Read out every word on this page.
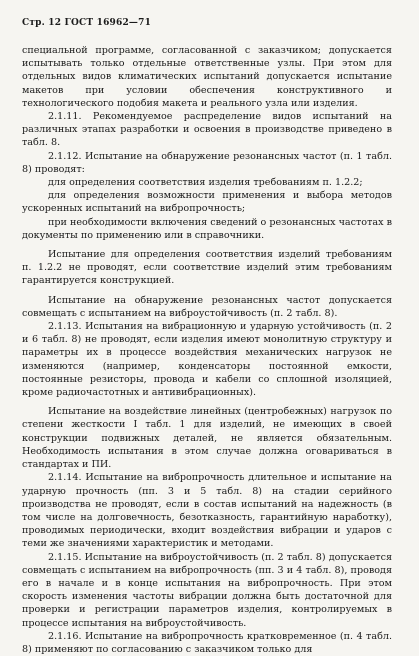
Стр. 12 ГОСТ 16962—71

специальной программе, согласованной с заказчиком; допускается испытывать только отдельные ответственные узлы. При этом для отдельных видов климатических испытаний допускается испытание макетов при условии обеспечения конструктивного и технологического подобия макета и реального узла или изделия.

2.1.11. Рекомендуемое распределение видов испытаний на различных этапах разработки и освоения в производстве приведено в табл. 8.

2.1.12. Испытание на обнаружение резонансных частот (п. 1 табл. 8) проводят:

для определения соответствия изделия требованиям п. 1.2.2;

для определения возможности применения и выбора методов ускоренных испытаний на вибропрочность;

при необходимости включения сведений о резонансных частотах в документы по применению или в справочники.

Испытание для определения соответствия изделий требованиям п. 1.2.2 не проводят, если соответствие изделий этим требованиям гарантируется конструкцией.

Испытание на обнаружение резонансных частот допускается совмещать с испытанием на виброустойчивость (п. 2 табл. 8).

2.1.13. Испытания на вибрационную и ударную устойчивость (п. 2 и 6 табл. 8) не проводят, если изделия имеют монолитную структуру и параметры их в процессе воздействия механических нагрузок не изменяются (например, конденсаторы постоянной емкости, постоянные резисторы, провода и кабели со сплошной изоляцией, кроме радиочастотных и антивибрационных).

Испытание на воздействие линейных (центробежных) нагрузок по степени жесткости I табл. 1 для изделий, не имеющих в своей конструкции подвижных деталей, не является обязательным. Необходимость испытания в этом случае должна оговариваться в стандартах и ПИ.

2.1.14. Испытание на вибропрочность длительное и испытание на ударную прочность (пп. 3 и 5 табл. 8) на стадии серийного производства не проводят, если в состав испытаний на надежность (в том числе на долговечность, безотказность, гарантийную наработку), проводимых периодически, входит воздействия вибрации и ударов с теми же значениями характеристик и методами.

2.1.15. Испытание на виброустойчивость (п. 2 табл. 8) допускается совмещать с испытанием на вибропрочность (пп. 3 и 4 табл. 8), проводя его в начале и в конце испытания на вибропрочность. При этом скорость изменения частоты вибрации должна быть достаточной для проверки и регистрации параметров изделия, контролируемых в процессе испытания на виброустойчивость.

2.1.16. Испытание на вибропрочность кратковременное (п. 4 табл. 8) применяют по согласованию с заказчиком только для
